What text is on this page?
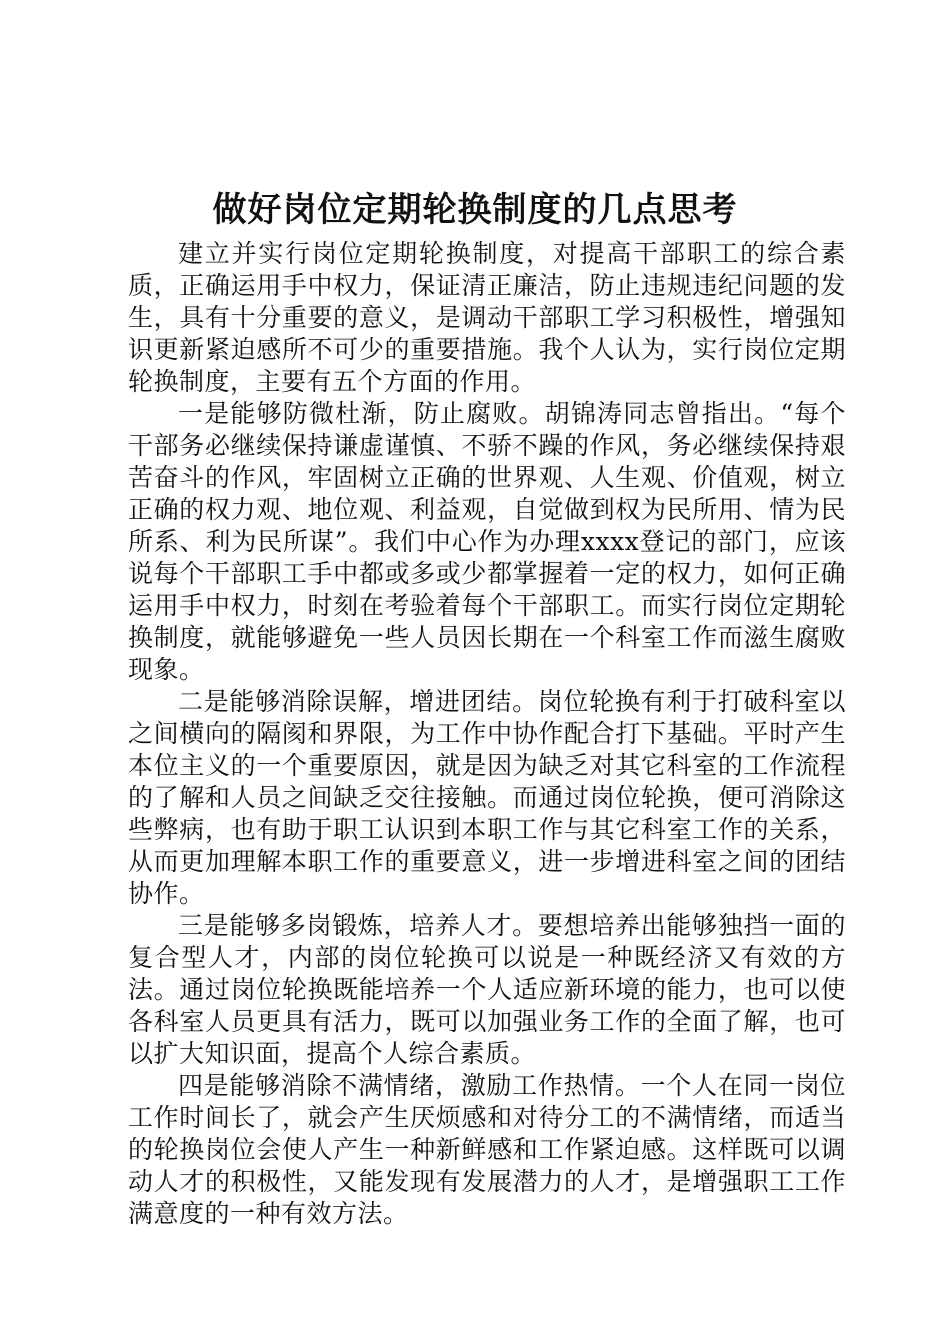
做好岗位定期轮换制度的几点思考

建立并实行岗位定期轮换制度，对提高干部职工的综合素质，正确运用手中权力，保证清正廉洁，防止违规违纪问题的发生，具有十分重要的意义，是调动干部职工学习积极性，增强知识更新紧迫感所不可少的重要措施。我个人认为，实行岗位定期轮换制度，主要有五个方面的作用。

一是能够防微杜渐，防止腐败。胡锦涛同志曾指出。“每个干部务必继续保持谦虚谨慎、不骄不躁的作风，务必继续保持艰苦奋斗的作风，牢固树立正确的世界观、人生观、价值观，树立正确的权力观、地位观、利益观，自觉做到权为民所用、情为民所系、利为民所谋”。我们中心作为办理xxxx登记的部门，应该说每个干部职工手中都或多或少都掌握着一定的权力，如何正确运用手中权力，时刻在考验着每个干部职工。而实行岗位定期轮换制度，就能够避免一些人员因长期在一个科室工作而滋生腐败现象。

二是能够消除误解，增进团结。岗位轮换有利于打破科室以之间横向的隔阂和界限，为工作中协作配合打下基础。平时产生本位主义的一个重要原因，就是因为缺乏对其它科室的工作流程的了解和人员之间缺乏交往接触。而通过岗位轮换，便可消除这些弊病，也有助于职工认识到本职工作与其它科室工作的关系，从而更加理解本职工作的重要意义，进一步增进科室之间的团结协作。

三是能够多岗锻炼，培养人才。要想培养出能够独挡一面的复合型人才，内部的岗位轮换可以说是一种既经济又有效的方法。通过岗位轮换既能培养一个人适应新环境的能力，也可以使各科室人员更具有活力，既可以加强业务工作的全面了解，也可以扩大知识面，提高个人综合素质。

四是能够消除不满情绪，激励工作热情。一个人在同一岗位工作时间长了，就会产生厌烦感和对待分工的不满情绪，而适当的轮换岗位会使人产生一种新鲜感和工作紧迫感。这样既可以调动人才的积极性，又能发现有发展潜力的人才，是增强职工工作满意度的一种有效方法。
